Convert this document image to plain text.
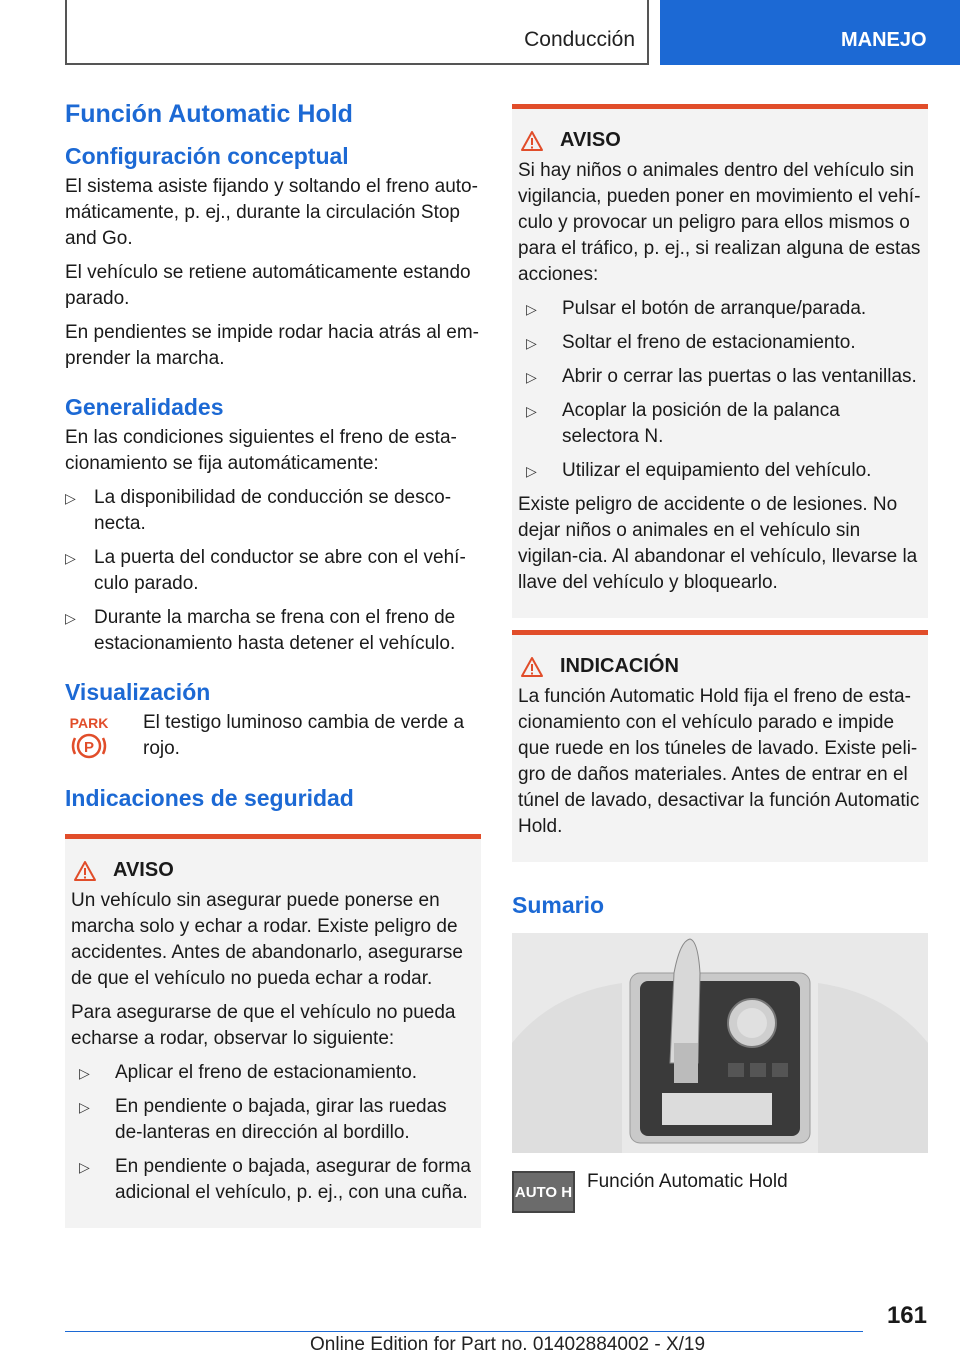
Conducción	MANEJO
Función Automatic Hold
Configuración conceptual
El sistema asiste fijando y soltando el freno auto-máticamente, p. ej., durante la circulación Stop and Go.
El vehículo se retiene automáticamente estando parado.
En pendientes se impide rodar hacia atrás al em-prender la marcha.
Generalidades
En las condiciones siguientes el freno de esta-cionamiento se fija automáticamente:
▷ La disponibilidad de conducción se desco-necta.
▷ La puerta del conductor se abre con el vehí-culo parado.
▷ Durante la marcha se frena con el freno de estacionamiento hasta detener el vehículo.
Visualización
PARK
P
El testigo luminoso cambia de verde a rojo.
Indicaciones de seguridad
AVISO
Un vehículo sin asegurar puede ponerse en marcha solo y echar a rodar. Existe peligro de accidentes. Antes de abandonarlo, asegurarse de que el vehículo no pueda echar a rodar.
Para asegurarse de que el vehículo no pueda echarse a rodar, observar lo siguiente:
▷ Aplicar el freno de estacionamiento.
▷ En pendiente o bajada, girar las ruedas de-lanteras en dirección al bordillo.
▷ En pendiente o bajada, asegurar de forma adicional el vehículo, p. ej., con una cuña.
AVISO
Si hay niños o animales dentro del vehículo sin vigilancia, pueden poner en movimiento el vehí-culo y provocar un peligro para ellos mismos o para el tráfico, p. ej., si realizan alguna de estas acciones:
▷ Pulsar el botón de arranque/parada.
▷ Soltar el freno de estacionamiento.
▷ Abrir o cerrar las puertas o las ventanillas.
▷ Acoplar la posición de la palanca selectora N.
▷ Utilizar el equipamiento del vehículo.
Existe peligro de accidente o de lesiones. No dejar niños o animales en el vehículo sin vigilan-cia. Al abandonar el vehículo, llevarse la llave del vehículo y bloquearlo.
INDICACIÓN
La función Automatic Hold fija el freno de esta-cionamiento con el vehículo parado e impide que ruede en los túneles de lavado. Existe peli-gro de daños materiales. Antes de entrar en el túnel de lavado, desactivar la función Automatic Hold.
Sumario
AUTO H Función Automatic Hold
161
Online Edition for Part no. 01402884002 - X/19
